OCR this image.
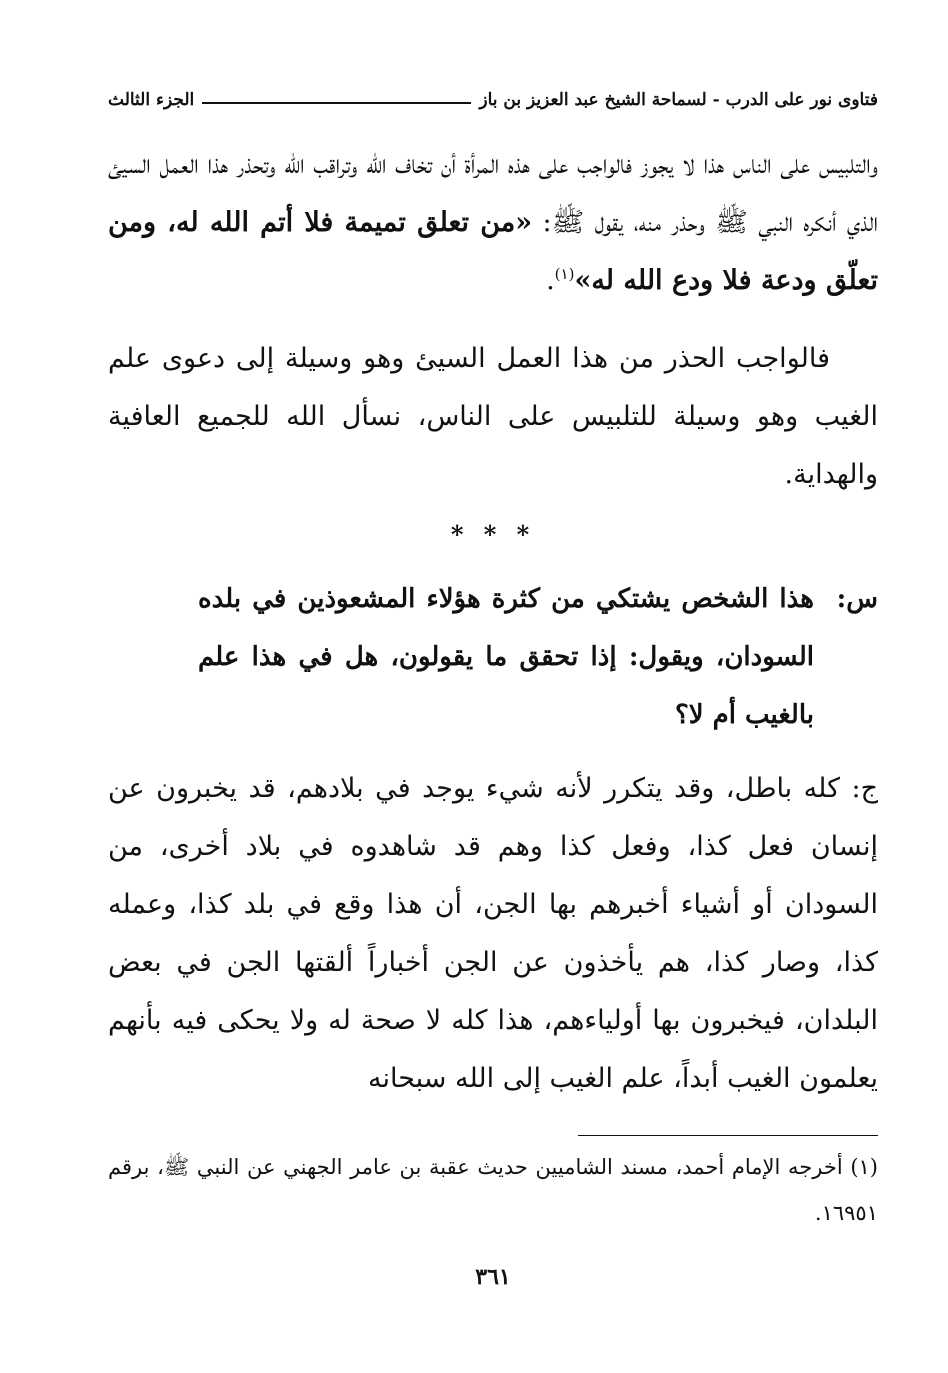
فتاوى نور على الدرب - لسماحة الشيخ عبد العزيز بن باز
الجزء الثالث

والتلبيس على الناس هذا لا يجوز فالواجب على هذه المرأة أن تخاف الله وتراقب الله وتحذر هذا العمل السيئ الذي أنكره النبي ﷺ وحذر منه، يقول ﷺ: «من تعلق تميمة فلا أتم الله له، ومن تعلّق ودعة فلا ودع الله له»$^{(١)}$.

فالواجب الحذر من هذا العمل السيئ وهو وسيلة إلى دعوى علم الغيب وهو وسيلة للتلبيس على الناس، نسأل الله للجميع العافية والهداية.

* * *

س:
هذا الشخص يشتكي من كثرة هؤلاء المشعوذين في بلده السودان، ويقول: إذا تحقق ما يقولون، هل في هذا علم بالغيب أم لا؟

ج: كله باطل، وقد يتكرر لأنه شيء يوجد في بلادهم، قد يخبرون عن إنسان فعل كذا، وفعل كذا وهم قد شاهدوه في بلاد أخرى، من السودان أو أشياء أخبرهم بها الجن، أن هذا وقع في بلد كذا، وعمله كذا، وصار كذا، هم يأخذون عن الجن أخباراً ألقتها الجن في بعض البلدان، فيخبرون بها أولياءهم، هذا كله لا صحة له ولا يحكى فيه بأنهم يعلمون الغيب أبداً، علم الغيب إلى الله سبحانه

(١) أخرجه الإمام أحمد، مسند الشاميين حديث عقبة بن عامر الجهني عن النبي ﷺ، برقم ١٦٩٥١.

٣٦١
